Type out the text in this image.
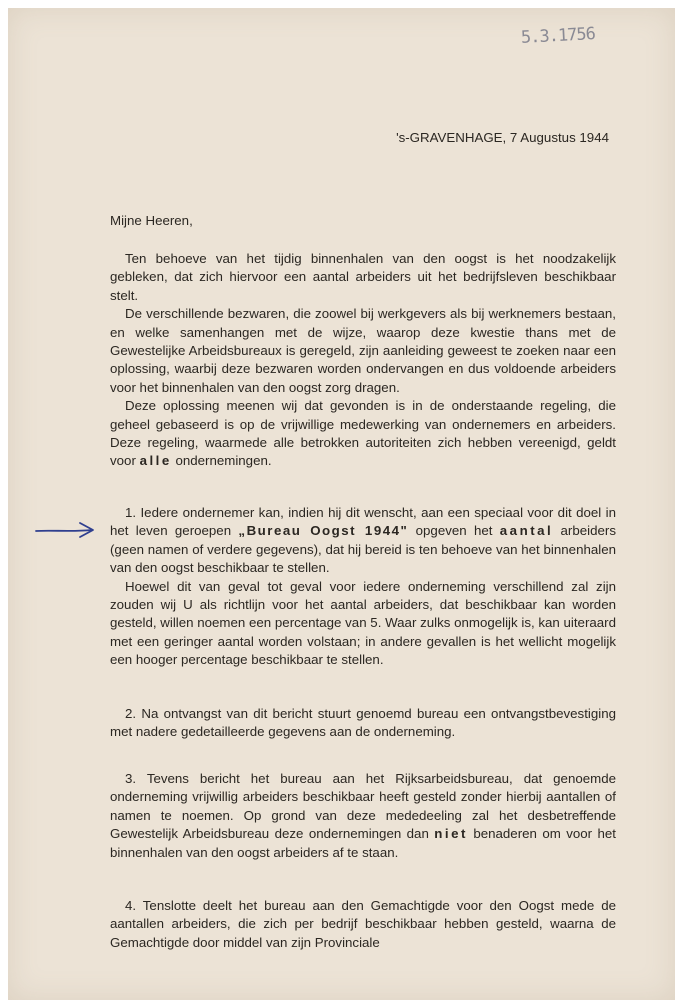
5.3.1756
's-GRAVENHAGE, 7 Augustus 1944
Mijne Heeren,

Ten behoeve van het tijdig binnenhalen van den oogst is het noodzakelijk gebleken, dat zich hiervoor een aantal arbeiders uit het bedrijfsleven beschikbaar stelt.

De verschillende bezwaren, die zoowel bij werkgevers als bij werknemers bestaan, en welke samenhangen met de wijze, waarop deze kwestie thans met de Gewestelijke Arbeidsbureaux is geregeld, zijn aanleiding geweest te zoeken naar een oplossing, waarbij deze bezwaren worden ondervangen en dus voldoende arbeiders voor het binnenhalen van den oogst zorg dragen.

Deze oplossing meenen wij dat gevonden is in de onderstaande regeling, die geheel gebaseerd is op de vrijwillige medewerking van ondernemers en arbeiders. Deze regeling, waarmede alle betrokken autoriteiten zich hebben vereenigd, geldt voor alle ondernemingen.

1. Iedere ondernemer kan, indien hij dit wenscht, aan een speciaal voor dit doel in het leven geroepen „Bureau Oogst 1944" opgeven het aantal arbeiders (geen namen of verdere gegevens), dat hij bereid is ten behoeve van het binnenhalen van den oogst beschikbaar te stellen.

Hoewel dit van geval tot geval voor iedere onderneming verschillend zal zijn zouden wij U als richtlijn voor het aantal arbeiders, dat beschikbaar kan worden gesteld, willen noemen een percentage van 5. Waar zulks onmogelijk is, kan uiteraard met een geringer aantal worden volstaan; in andere gevallen is het wellicht mogelijk een hooger percentage beschikbaar te stellen.

2. Na ontvangst van dit bericht stuurt genoemd bureau een ontvangstbevestiging met nadere gedetailleerde gegevens aan de onderneming.

3. Tevens bericht het bureau aan het Rijksarbeidsbureau, dat genoemde onderneming vrijwillig arbeiders beschikbaar heeft gesteld zonder hierbij aantallen of namen te noemen. Op grond van deze mededeeling zal het desbetreffende Gewestelijk Arbeidsbureau deze ondernemingen dan niet benaderen om voor het binnenhalen van den oogst arbeiders af te staan.

4. Tenslotte deelt het bureau aan den Gemachtigde voor den Oogst mede de aantallen arbeiders, die zich per bedrijf beschikbaar hebben gesteld, waarna de Gemachtigde door middel van zijn Provinciale
